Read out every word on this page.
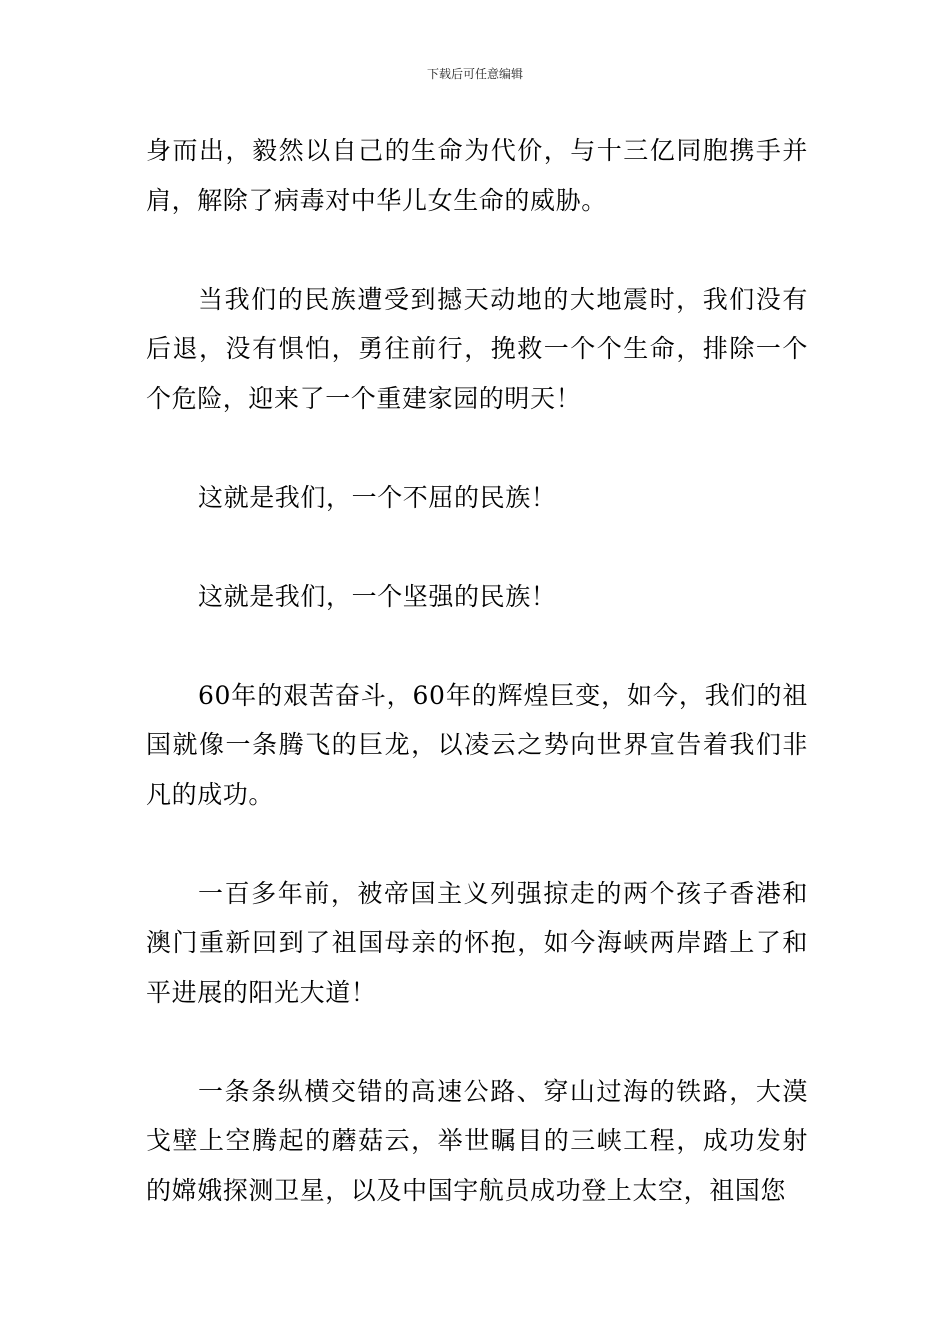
下载后可任意编辑

身而出，毅然以自己的生命为代价，与十三亿同胞携手并肩，解除了病毒对中华儿女生命的威胁。

当我们的民族遭受到撼天动地的大地震时，我们没有后退，没有惧怕，勇往前行，挽救一个个生命，排除一个个危险，迎来了一个重建家园的明天！

这就是我们，一个不屈的民族！

这就是我们，一个坚强的民族！

60年的艰苦奋斗，60年的辉煌巨变，如今，我们的祖国就像一条腾飞的巨龙，以凌云之势向世界宣告着我们非凡的成功。

一百多年前，被帝国主义列强掠走的两个孩子香港和澳门重新回到了祖国母亲的怀抱，如今海峡两岸踏上了和平进展的阳光大道！

一条条纵横交错的高速公路、穿山过海的铁路，大漠戈壁上空腾起的蘑菇云，举世瞩目的三峡工程，成功发射的嫦娥探测卫星，以及中国宇航员成功登上太空，祖国您
